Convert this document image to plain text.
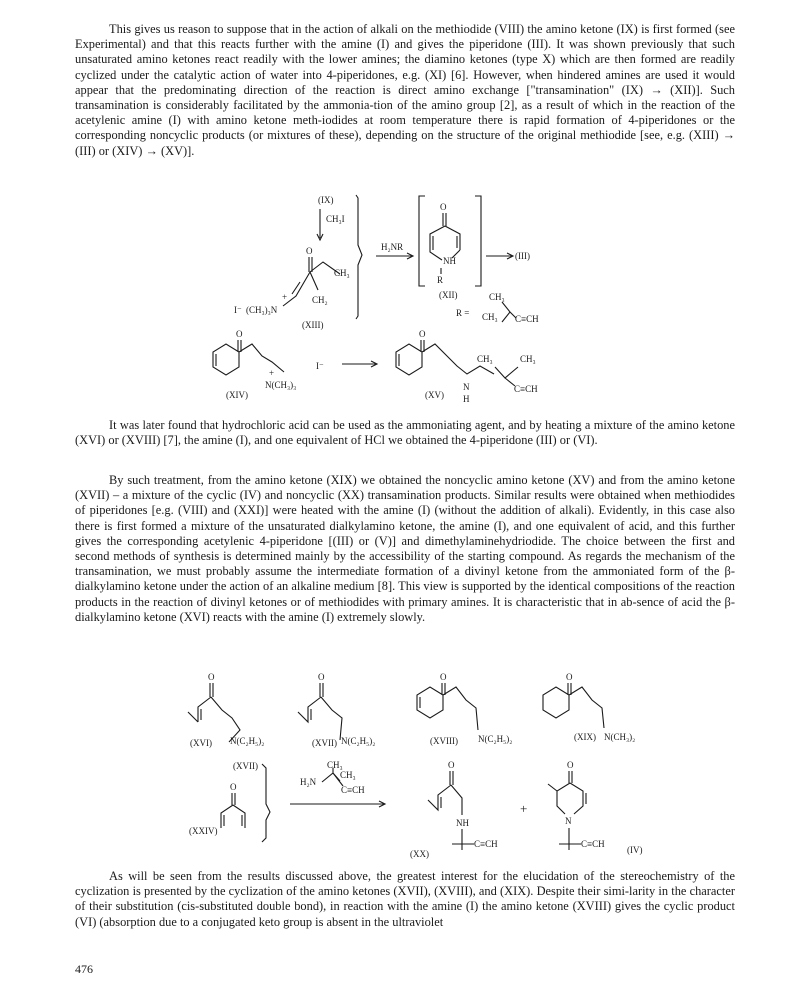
This gives us reason to suppose that in the action of alkali on the methiodide (VIII) the amino ketone (IX) is first formed (see Experimental) and that this reacts further with the amine (I) and gives the piperidone (III). It was shown previously that such unsaturated amino ketones react readily with the lower amines; the diamino ketones (type X) which are then formed are readily cyclized under the catalytic action of water into 4-piperidones, e.g. (XI) [6]. However, when hindered amines are used it would appear that the predominating direction of the reaction is direct amino exchange ["transamination" (IX) → (XII)]. Such transamination is considerably facilitated by the ammonia-tion of the amino group [2], as a result of which in the reaction of the acetylenic amine (I) with amino ketone meth-iodides at room temperature there is rapid formation of 4-piperidones or the corresponding noncyclic products (or mixtures of these), depending on the structure of the original methiodide [see, e.g. (XIII) → (III) or (XIV) → (XV)].

(IX)
CH₃I
O
CH₃
CH₂
I⁻ (CH₃)₃N
+
(XIII)
H₂NR
O
NH
R
(III)
(XII)
R =
CH₃
CH₃ C≡CH
O
+
N(CH₃)₃
I⁻
(XIV)
O
CH₃	CH₃
N
H
C≡CH
(XV)

It was later found that hydrochloric acid can be used as the ammoniating agent, and by heating a mixture of the amino ketone (XVI) or (XVIII) [7], the amine (I), and one equivalent of HCl we obtained the 4-piperidone (III) or (VI).

By such treatment, from the amino ketone (XIX) we obtained the noncyclic amino ketone (XV) and from the amino ketone (XVII) – a mixture of the cyclic (IV) and noncyclic (XX) transamination products. Similar results were obtained when methiodides of piperidones [e.g. (VIII) and (XXI)] were heated with the amine (I) (without the addition of alkali). Evidently, in this case also there is first formed a mixture of the unsaturated dialkylamino ketone, the amine (I), and one equivalent of acid, and this further gives the corresponding acetylenic 4-piperidone [(III) or (V)] and dimethylaminehydriodide. The choice between the first and second methods of synthesis is determined mainly by the accessibility of the starting compound. As regards the mechanism of the transamination, we must probably assume the intermediate formation of a divinyl ketone from the ammoniated form of the β-dialkylamino ketone under the action of an alkaline medium [8]. This view is supported by the identical compositions of the reaction products in the reaction of divinyl ketones or of methiodides with primary amines. It is characteristic that in ab-sence of acid the β-dialkylamino ketone (XVI) reacts with the amine (I) extremely slowly.

O
N(C₂H₅)₂
(XVI)
O
N(C₂H₅)₂
(XVII)
O
N(C₂H₅)₂
(XVIII)
O
N(CH₃)₂
(XIX)
(XVII)
O
(XXIV)
CH₃
CH₃
H₂N
C≡CH
O
NH
C≡CH
(XX)
+
O
N
C≡CH
(IV)

As will be seen from the results discussed above, the greatest interest for the elucidation of the stereochemistry of the cyclization is presented by the cyclization of the amino ketones (XVII), (XVIII), and (XIX). Despite their simi-larity in the character of their substitution (cis-substituted double bond), in reaction with the amine (I) the amino ketone (XVIII) gives the cyclic product (VI) (absorption due to a conjugated keto group is absent in the ultraviolet

476
